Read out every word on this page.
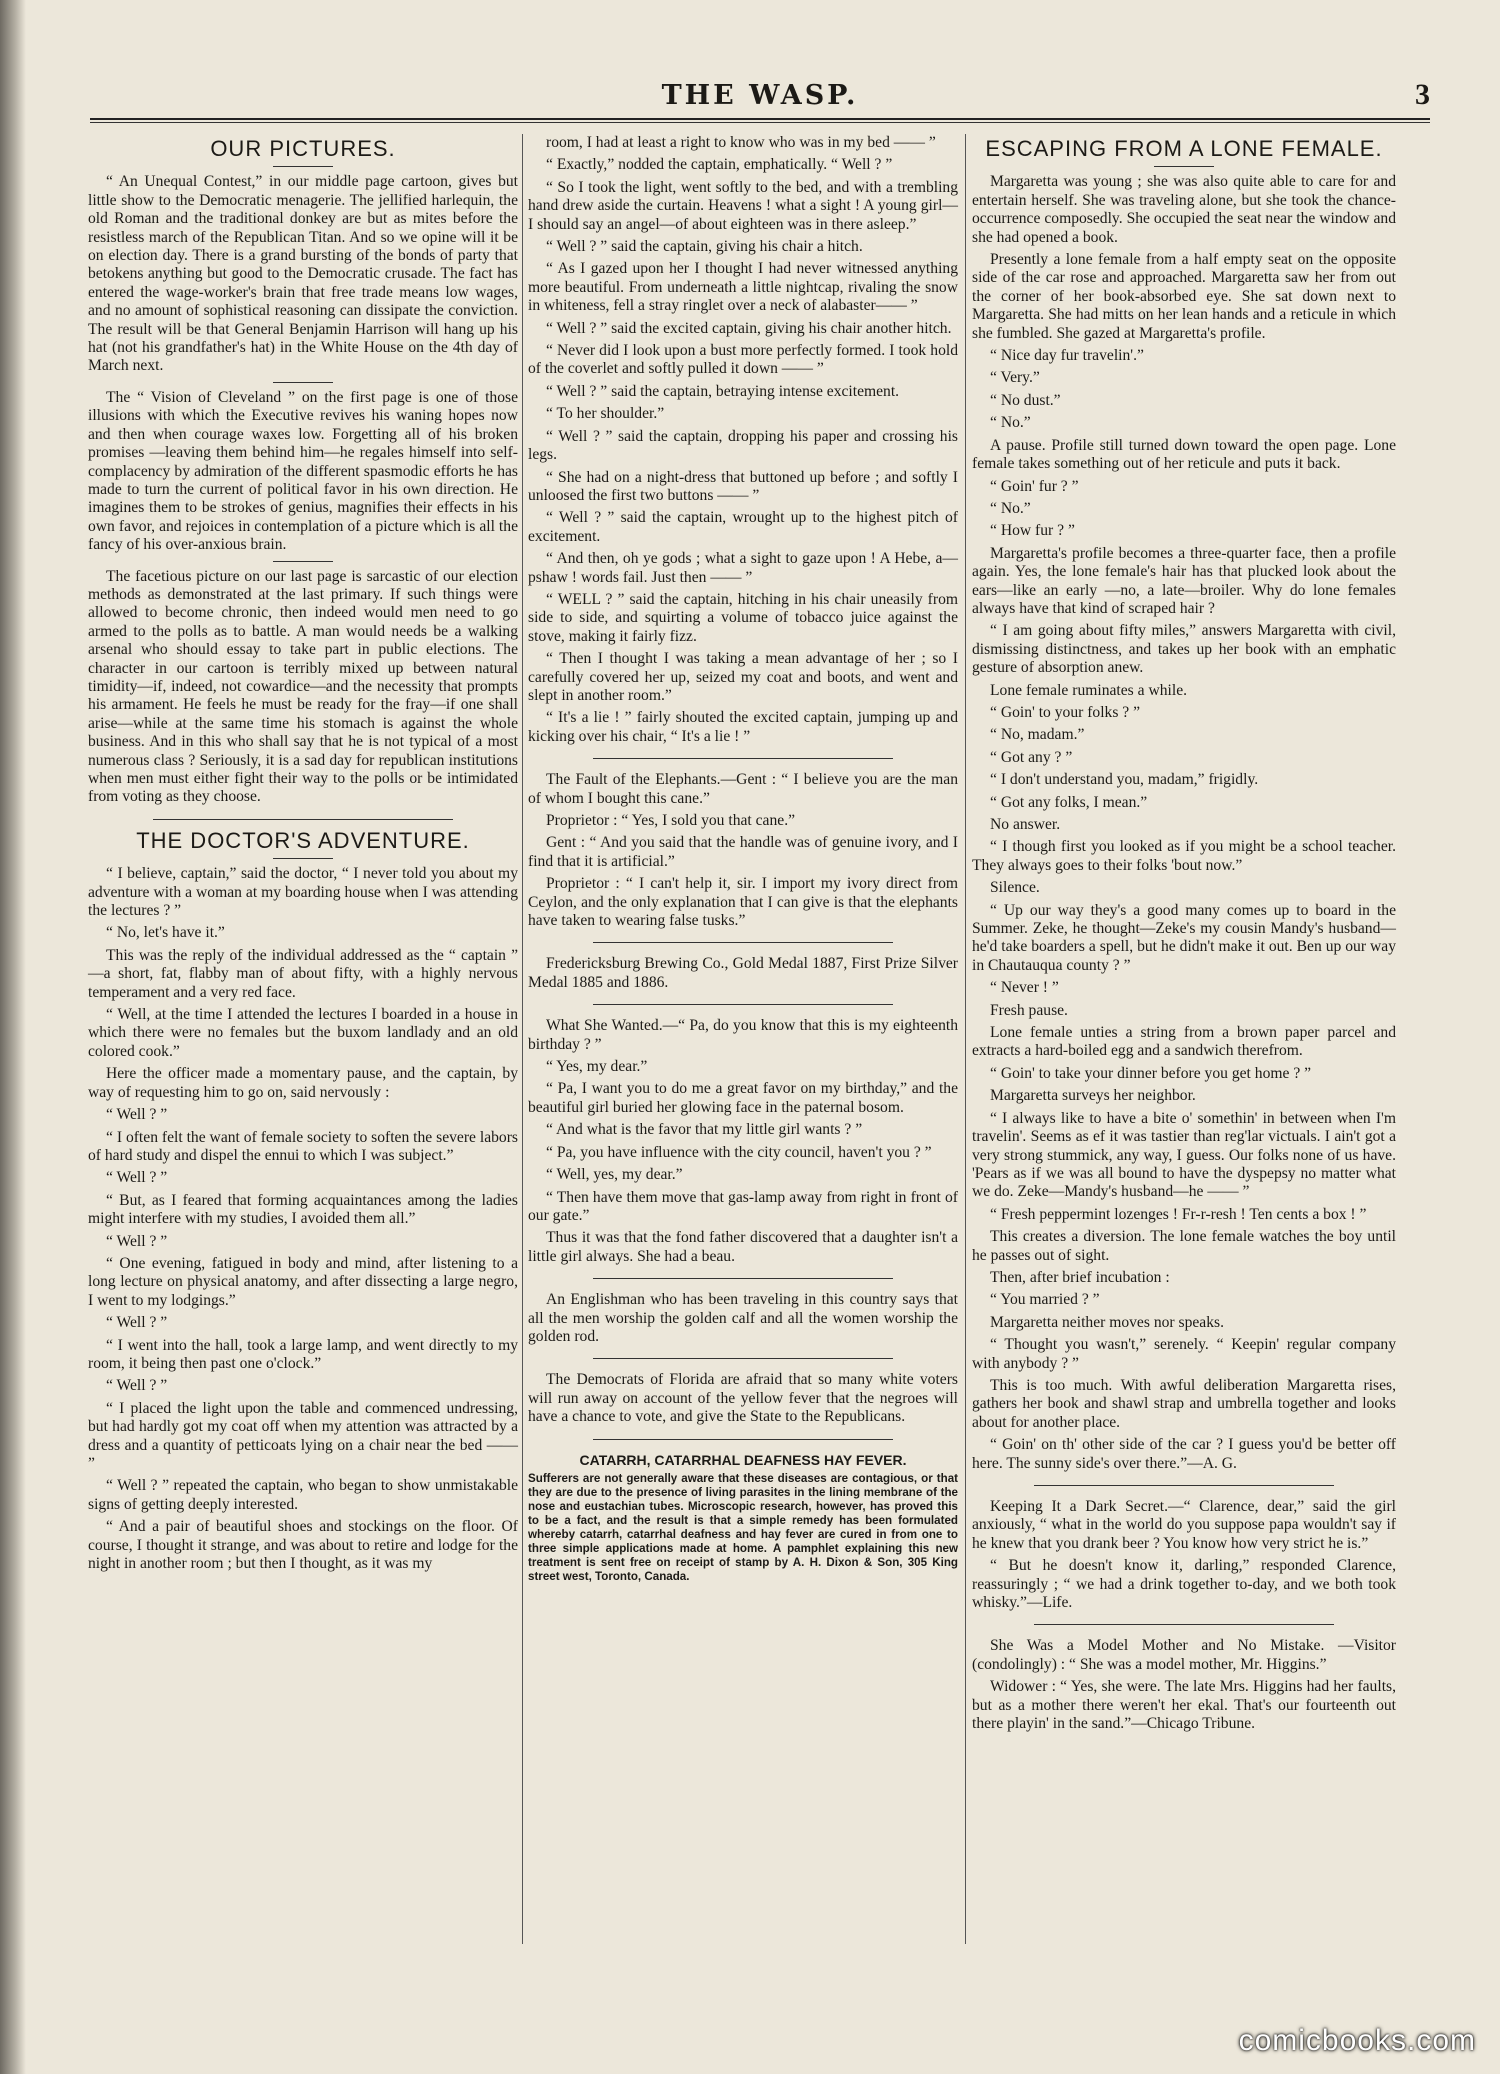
THE WASP.	3
OUR PICTURES.

“ An Unequal Contest,” in our middle page cartoon, gives but little show to the Democratic menagerie. The jellified harlequin, the old Roman and the traditional donkey are but as mites before the resistless march of the Republican Titan. And so we opine will it be on election day. There is a grand bursting of the bonds of party that betokens anything but good to the Democratic crusade. The fact has entered the wage-worker's brain that free trade means low wages, and no amount of sophistical reasoning can dissipate the conviction. The result will be that General Benjamin Harrison will hang up his hat (not his grandfather's hat) in the White House on the 4th day of March next.

The “ Vision of Cleveland ” on the first page is one of those illusions with which the Executive revives his waning hopes now and then when courage waxes low. Forgetting all of his broken promises —leaving them behind him—he regales himself into self-complacency by admiration of the different spasmodic efforts he has made to turn the current of political favor in his own direction. He imagines them to be strokes of genius, magnifies their effects in his own favor, and rejoices in contemplation of a picture which is all the fancy of his over-anxious brain.

The facetious picture on our last page is sarcastic of our election methods as demonstrated at the last primary. If such things were allowed to become chronic, then indeed would men need to go armed to the polls as to battle. A man would needs be a walking arsenal who should essay to take part in public elections. The character in our cartoon is terribly mixed up between natural timidity—if, indeed, not cowardice—and the necessity that prompts his armament. He feels he must be ready for the fray—if one shall arise—while at the same time his stomach is against the whole business. And in this who shall say that he is not typical of a most numerous class ? Seriously, it is a sad day for republican institutions when men must either fight their way to the polls or be intimidated from voting as they choose.

THE DOCTOR'S ADVENTURE.

“ I believe, captain,” said the doctor, “ I never told you about my adventure with a woman at my boarding house when I was attending the lectures ? ”

“ No, let's have it.”

This was the reply of the individual addressed as the “ captain ” —a short, fat, flabby man of about fifty, with a highly nervous temperament and a very red face.

“ Well, at the time I attended the lectures I boarded in a house in which there were no females but the buxom landlady and an old colored cook.”

Here the officer made a momentary pause, and the captain, by way of requesting him to go on, said nervously :

“ Well ? ”

“ I often felt the want of female society to soften the severe labors of hard study and dispel the ennui to which I was subject.”

“ Well ? ”

“ But, as I feared that forming acquaintances among the ladies might interfere with my studies, I avoided them all.”

“ Well ? ”

“ One evening, fatigued in body and mind, after listening to a long lecture on physical anatomy, and after dissecting a large negro, I went to my lodgings.”

“ Well ? ”

“ I went into the hall, took a large lamp, and went directly to my room, it being then past one o'clock.”

“ Well ? ”

“ I placed the light upon the table and commenced undressing, but had hardly got my coat off when my attention was attracted by a dress and a quantity of petticoats lying on a chair near the bed —— ”

“ Well ? ” repeated the captain, who began to show unmistakable signs of getting deeply interested.

“ And a pair of beautiful shoes and stockings on the floor. Of course, I thought it strange, and was about to retire and lodge for the night in another room ; but then I thought, as it was my

room, I had at least a right to know who was in my bed —— ”

“ Exactly,” nodded the captain, emphatically. “ Well ? ”

“ So I took the light, went softly to the bed, and with a trembling hand drew aside the curtain. Heavens ! what a sight ! A young girl—I should say an angel—of about eighteen was in there asleep.”

“ Well ? ” said the captain, giving his chair a hitch.

“ As I gazed upon her I thought I had never witnessed anything more beautiful. From underneath a little nightcap, rivaling the snow in whiteness, fell a stray ringlet over a neck of alabaster—— ”

“ Well ? ” said the excited captain, giving his chair another hitch.

“ Never did I look upon a bust more perfectly formed. I took hold of the coverlet and softly pulled it down —— ”

“ Well ? ” said the captain, betraying intense excitement.

“ To her shoulder.”

“ Well ? ” said the captain, dropping his paper and crossing his legs.

“ She had on a night-dress that buttoned up before ; and softly I unloosed the first two buttons —— ”

“ Well ? ” said the captain, wrought up to the highest pitch of excitement.

“ And then, oh ye gods ; what a sight to gaze upon ! A Hebe, a—pshaw ! words fail. Just then —— ”

“ WELL ? ” said the captain, hitching in his chair uneasily from side to side, and squirting a volume of tobacco juice against the stove, making it fairly fizz.

“ Then I thought I was taking a mean advantage of her ; so I carefully covered her up, seized my coat and boots, and went and slept in another room.”

“ It's a lie ! ” fairly shouted the excited captain, jumping up and kicking over his chair, “ It's a lie ! ”

The Fault of the Elephants.—Gent : “ I believe you are the man of whom I bought this cane.”

Proprietor : “ Yes, I sold you that cane.”

Gent : “ And you said that the handle was of genuine ivory, and I find that it is artificial.”

Proprietor : “ I can't help it, sir. I import my ivory direct from Ceylon, and the only explanation that I can give is that the elephants have taken to wearing false tusks.”

Fredericksburg Brewing Co., Gold Medal 1887, First Prize Silver Medal 1885 and 1886.

What She Wanted.—“ Pa, do you know that this is my eighteenth birthday ? ”

“ Yes, my dear.”

“ Pa, I want you to do me a great favor on my birthday,” and the beautiful girl buried her glowing face in the paternal bosom.

“ And what is the favor that my little girl wants ? ”

“ Pa, you have influence with the city council, haven't you ? ”

“ Well, yes, my dear.”

“ Then have them move that gas-lamp away from right in front of our gate.”

Thus it was that the fond father discovered that a daughter isn't a little girl always. She had a beau.

An Englishman who has been traveling in this country says that all the men worship the golden calf and all the women worship the golden rod.

The Democrats of Florida are afraid that so many white voters will run away on account of the yellow fever that the negroes will have a chance to vote, and give the State to the Republicans.

CATARRH, CATARRHAL DEAFNESS HAY FEVER.
Sufferers are not generally aware that these diseases are contagious, or that they are due to the presence of living parasites in the lining membrane of the nose and eustachian tubes. Microscopic research, however, has proved this to be a fact, and the result is that a simple remedy has been formulated whereby catarrh, catarrhal deafness and hay fever are cured in from one to three simple applications made at home. A pamphlet explaining this new treatment is sent free on receipt of stamp by A. H. Dixon & Son, 305 King street west, Toronto, Canada.
ESCAPING FROM A LONE FEMALE.

Margaretta was young ; she was also quite able to care for and entertain herself. She was traveling alone, but she took the chance-occurrence composedly. She occupied the seat near the window and she had opened a book.

Presently a lone female from a half empty seat on the opposite side of the car rose and approached. Margaretta saw her from out the corner of her book-absorbed eye. She sat down next to Margaretta. She had mitts on her lean hands and a reticule in which she fumbled. She gazed at Margaretta's profile.

“ Nice day fur travelin'.”

“ Very.”

“ No dust.”

“ No.”

A pause. Profile still turned down toward the open page. Lone female takes something out of her reticule and puts it back.

“ Goin' fur ? ”

“ No.”

“ How fur ? ”

Margaretta's profile becomes a three-quarter face, then a profile again. Yes, the lone female's hair has that plucked look about the ears—like an early —no, a late—broiler. Why do lone females always have that kind of scraped hair ?

“ I am going about fifty miles,” answers Margaretta with civil, dismissing distinctness, and takes up her book with an emphatic gesture of absorption anew.

Lone female ruminates a while.

“ Goin' to your folks ? ”

“ No, madam.”

“ Got any ? ”

“ I don't understand you, madam,” frigidly.

“ Got any folks, I mean.”

No answer.

“ I though first you looked as if you might be a school teacher. They always goes to their folks 'bout now.”

Silence.

“ Up our way they's a good many comes up to board in the Summer. Zeke, he thought—Zeke's my cousin Mandy's husband—he'd take boarders a spell, but he didn't make it out. Ben up our way in Chautauqua county ? ”

“ Never ! ”

Fresh pause.

Lone female unties a string from a brown paper parcel and extracts a hard-boiled egg and a sandwich therefrom.

“ Goin' to take your dinner before you get home ? ”

Margaretta surveys her neighbor.

“ I always like to have a bite o' somethin' in between when I'm travelin'. Seems as ef it was tastier than reg'lar victuals. I ain't got a very strong stummick, any way, I guess. Our folks none of us have. 'Pears as if we was all bound to have the dyspepsy no matter what we do. Zeke—Mandy's husband—he —— ”

“ Fresh peppermint lozenges ! Fr-r-resh ! Ten cents a box ! ”

This creates a diversion. The lone female watches the boy until he passes out of sight.

Then, after brief incubation :

“ You married ? ”

Margaretta neither moves nor speaks.

“ Thought you wasn't,” serenely. “ Keepin' regular company with anybody ? ”

This is too much. With awful deliberation Margaretta rises, gathers her book and shawl strap and umbrella together and looks about for another place.

“ Goin' on th' other side of the car ? I guess you'd be better off here. The sunny side's over there.”—A. G.

Keeping It a Dark Secret.—“ Clarence, dear,” said the girl anxiously, “ what in the world do you suppose papa wouldn't say if he knew that you drank beer ? You know how very strict he is.”

“ But he doesn't know it, darling,” responded Clarence, reassuringly ; “ we had a drink together to-day, and we both took whisky.”—Life.

She Was a Model Mother and No Mistake. —Visitor (condolingly) : “ She was a model mother, Mr. Higgins.”

Widower : “ Yes, she were. The late Mrs. Higgins had her faults, but as a mother there weren't her ekal. That's our fourteenth out there playin' in the sand.”—Chicago Tribune.

comicbooks.com
